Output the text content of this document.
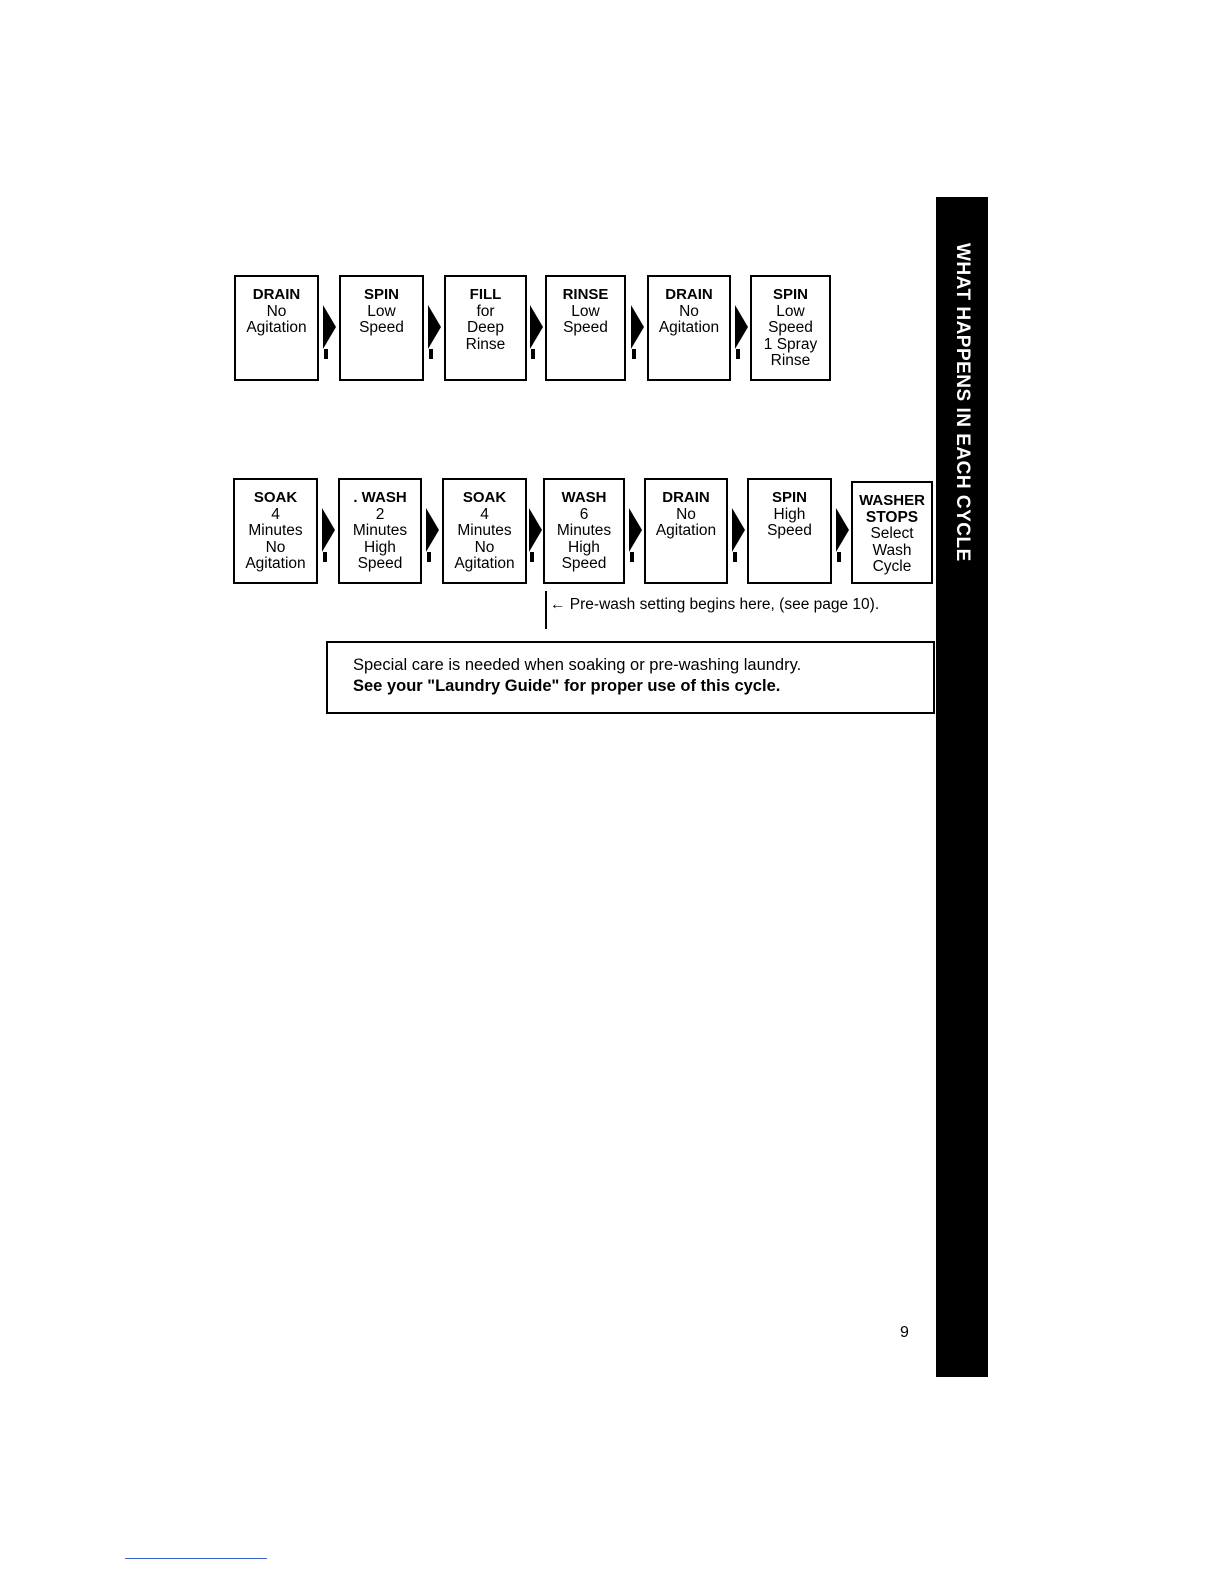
WHAT HAPPENS IN EACH CYCLE
DRAIN
No
Agitation
SPIN
Low
Speed
FILL
for
Deep
Rinse
RINSE
Low
Speed
DRAIN
No
Agitation
SPIN
Low
Speed
1 Spray
Rinse
SOAK
4
Minutes
No
Agitation
. WASH
2
Minutes
High
Speed
SOAK
4
Minutes
No
Agitation
WASH
6
Minutes
High
Speed
DRAIN
No
Agitation
SPIN
High
Speed
WASHER
STOPS
Select
Wash
Cycle
← Pre-wash setting begins here, (see page 10).
Special care is needed when soaking or pre-washing laundry.
See your "Laundry Guide" for proper use of this cycle.
9
